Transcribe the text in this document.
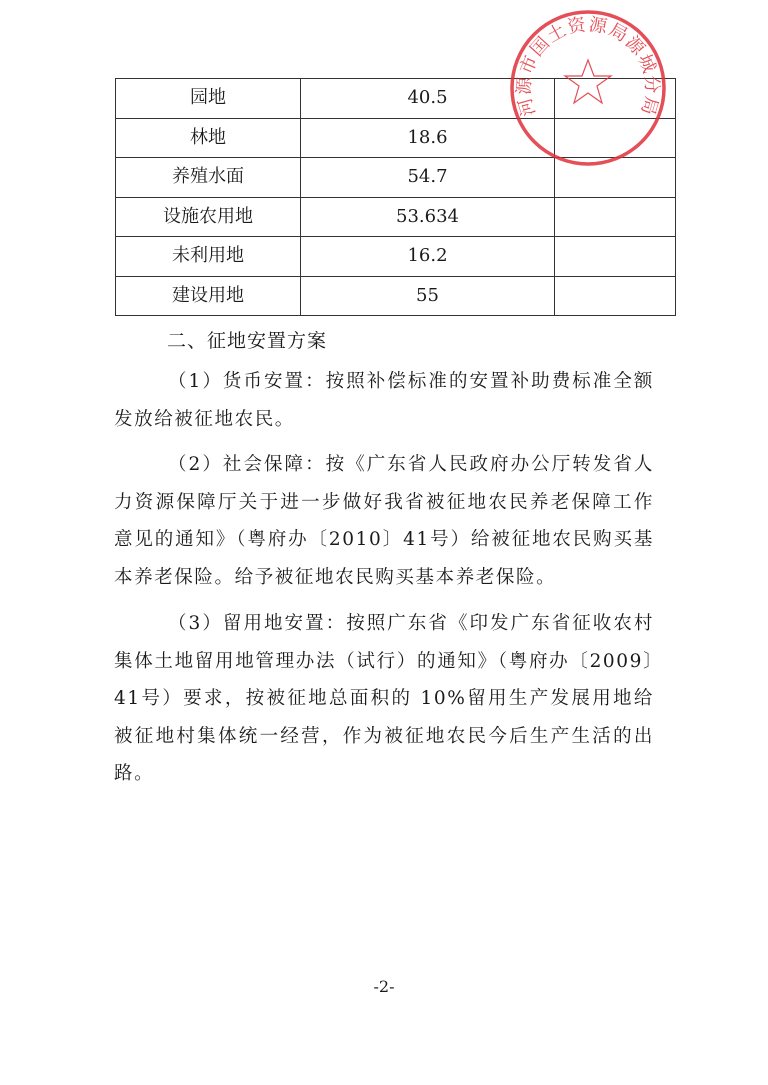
园地	40.5	
林地	18.6	
养殖水面	54.7	
设施农用地	53.634	
未利用地	16.2	
建设用地	55	
二、征地安置方案

（1）货币安置：按照补偿标准的安置补助费标准全额发放给被征地农民。

（2）社会保障：按《广东省人民政府办公厅转发省人力资源保障厅关于进一步做好我省被征地农民养老保障工作意见的通知》（粤府办〔2010〕41号）给被征地农民购买基本养老保险。给予被征地农民购买基本养老保险。

（3）留用地安置：按照广东省《印发广东省征收农村集体土地留用地管理办法（试行）的通知》（粤府办〔2009〕41号）要求，按被征地总面积的 10%留用生产发展用地给被征地村集体统一经营，作为被征地农民今后生产生活的出路。

-2-
河源市国土资源局源城分局
